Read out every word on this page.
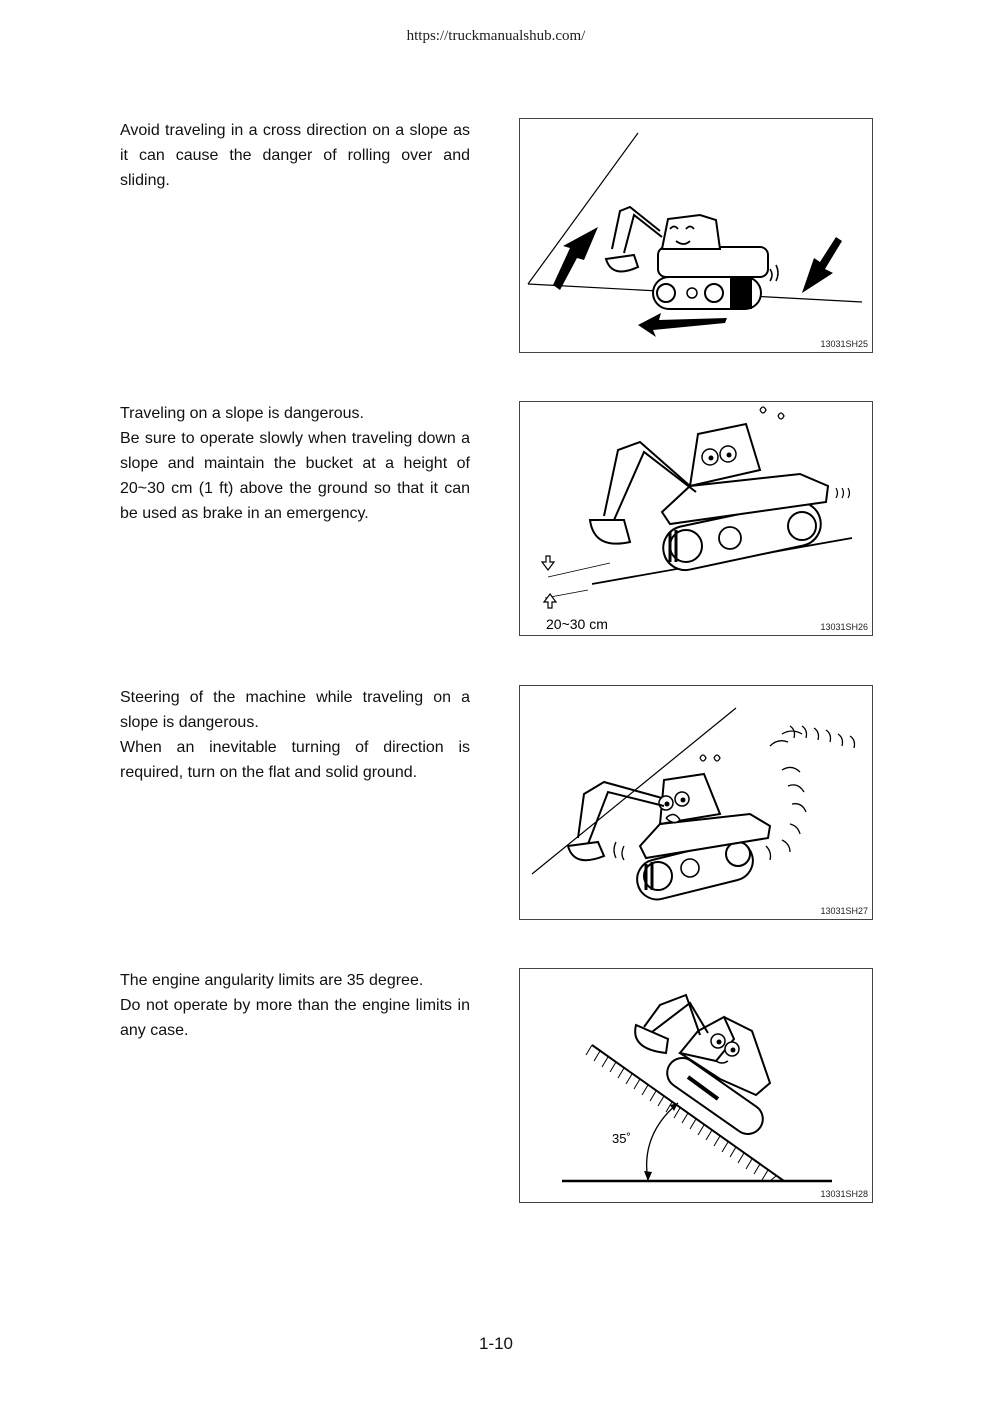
https://truckmanualshub.com/

Avoid traveling in a cross direction on a slope as it can cause the danger of rolling over and sliding.

13031SH25

Traveling on a slope is dangerous.

Be sure to operate slowly when traveling down a slope and maintain the bucket at a height of 20~30 cm (1 ft) above the ground so that it can be used as brake in an emergency.

20~30 cm	13031SH26

Steering of the machine while traveling on a slope is dangerous.

When an inevitable turning of direction is required, turn on the flat and solid ground.

13031SH27

The engine angularity limits are 35 degree.

Do not operate by more than the engine limits in any case.

35˚
13031SH28
1-10
